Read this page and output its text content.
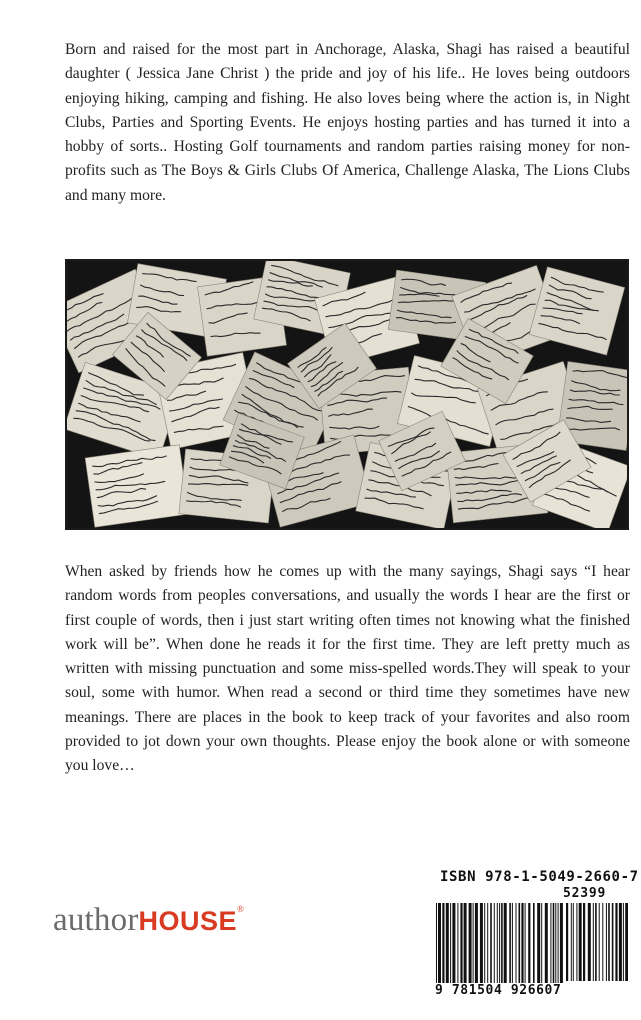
Born and raised for the most part in Anchorage, Alaska, Shagi has raised a beautiful daughter ( Jessica Jane Christ ) the pride and joy of his life.. He loves being outdoors enjoying hiking, camping and fishing. He also loves being where the action is, in Night Clubs, Parties and Sporting Events. He enjoys hosting parties and has turned it into a hobby of sorts.. Hosting Golf tournaments and random parties raising money for non-profits such as The Boys & Girls Clubs Of America, Challenge Alaska, The Lions Clubs and many more.

When asked by friends how he comes up with the many sayings, Shagi says “I hear random words from peoples conversations, and usually the words I hear are the first or first couple of words, then i just start writing often times not knowing what the finished work will be”. When done he reads it for the first time. They are left pretty much as written with missing punctuation and some miss-spelled words.They will speak to your soul, some with humor. When read a second or third time they sometimes have new meanings. There are places in the book to keep track of your favorites and also room provided to jot down your own thoughts. Please enjoy the book alone or with someone you love…

authorHOUSE®
ISBN 978-1-5049-2660-7
52399
9 781504 926607
